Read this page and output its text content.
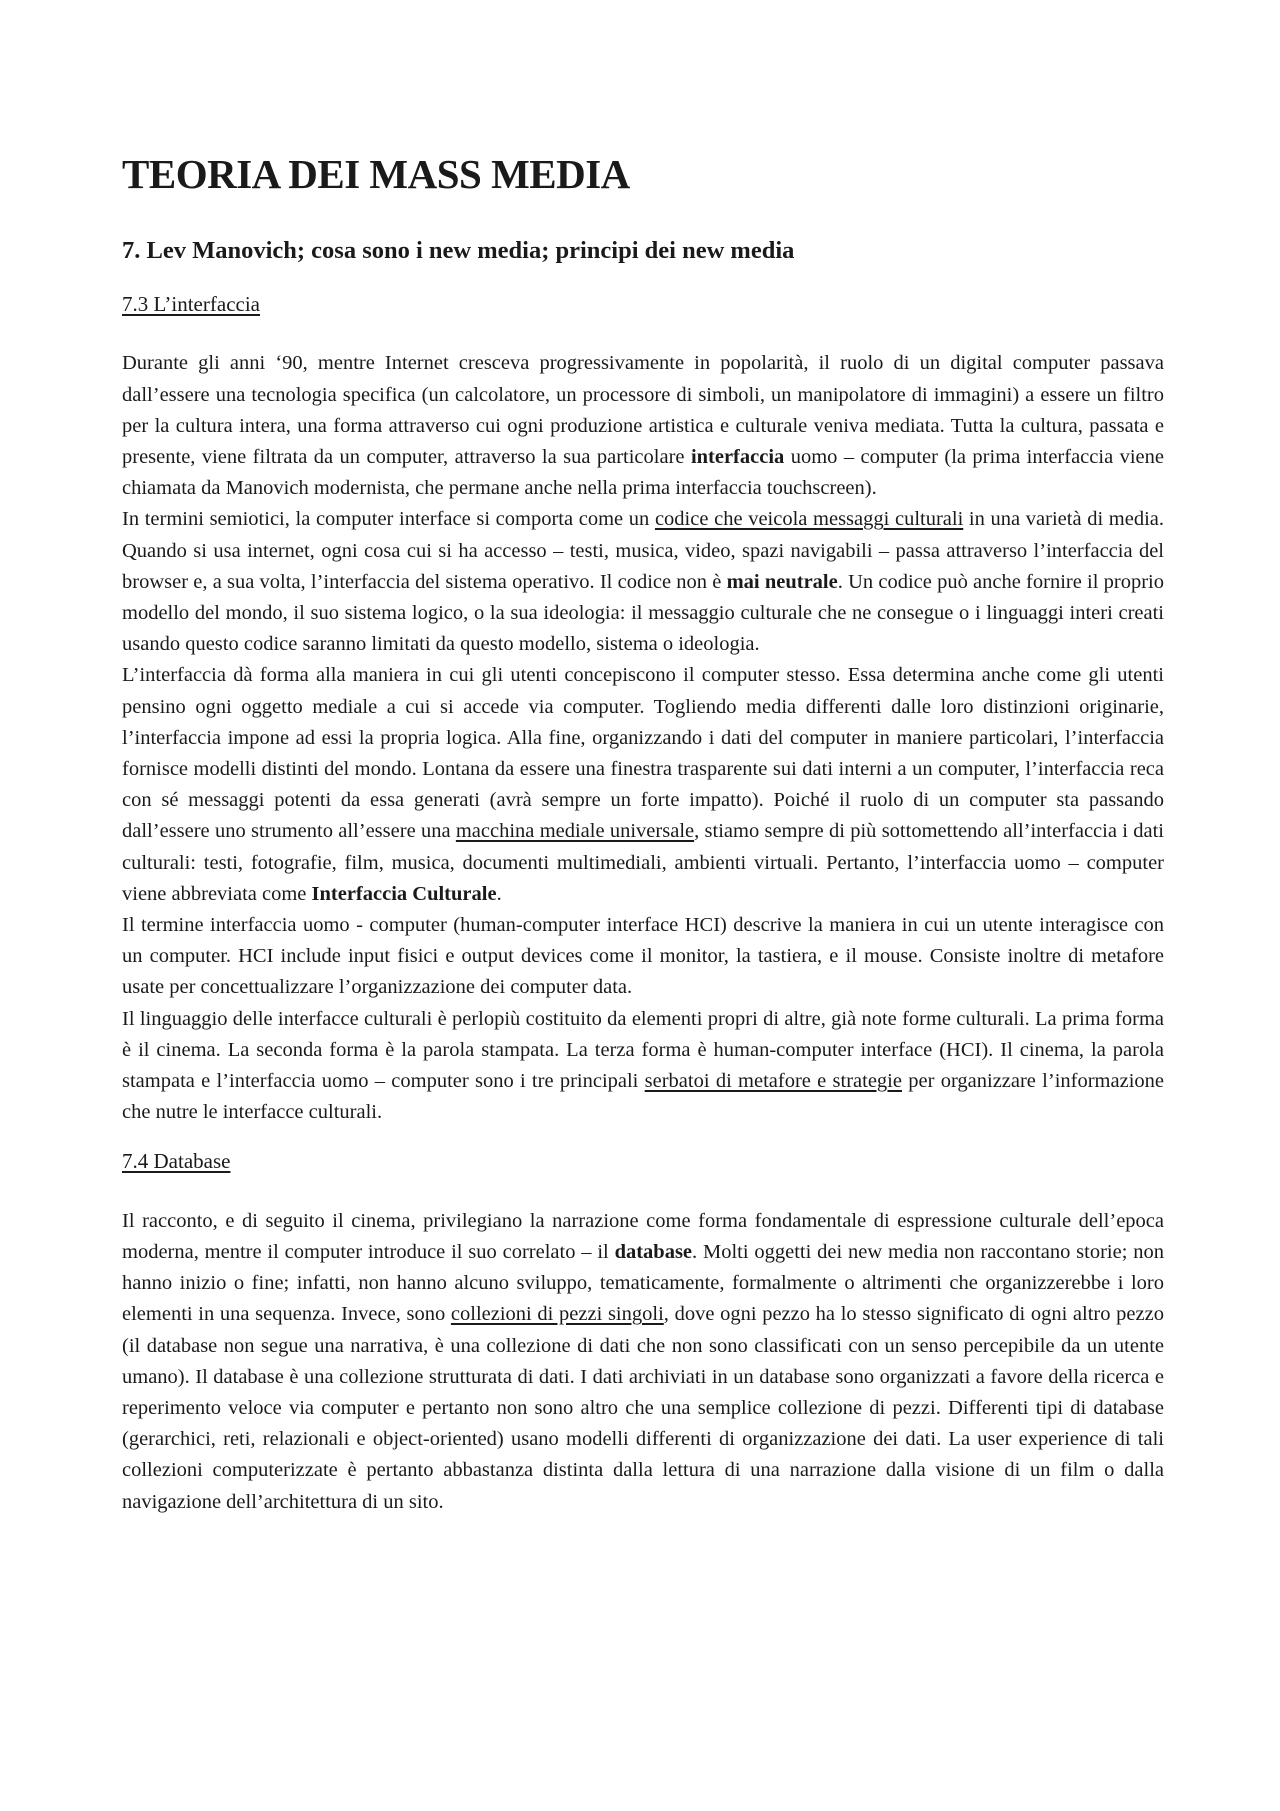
TEORIA DEI MASS MEDIA
7. Lev Manovich; cosa sono i new media; principi dei new media
7.3 L’interfaccia

Durante gli anni ‘90, mentre Internet cresceva progressivamente in popolarità, il ruolo di un digital computer passava dall’essere una tecnologia specifica (un calcolatore, un processore di simboli, un manipolatore di immagini) a essere un filtro per la cultura intera, una forma attraverso cui ogni produzione artistica e culturale veniva mediata. Tutta la cultura, passata e presente, viene filtrata da un computer, attraverso la sua particolare interfaccia uomo – computer (la prima interfaccia viene chiamata da Manovich modernista, che permane anche nella prima interfaccia touchscreen).

In termini semiotici, la computer interface si comporta come un codice che veicola messaggi culturali in una varietà di media. Quando si usa internet, ogni cosa cui si ha accesso – testi, musica, video, spazi navigabili – passa attraverso l’interfaccia del browser e, a sua volta, l’interfaccia del sistema operativo. Il codice non è mai neutrale. Un codice può anche fornire il proprio modello del mondo, il suo sistema logico, o la sua ideologia: il messaggio culturale che ne consegue o i linguaggi interi creati usando questo codice saranno limitati da questo modello, sistema o ideologia.

L’interfaccia dà forma alla maniera in cui gli utenti concepiscono il computer stesso. Essa determina anche come gli utenti pensino ogni oggetto mediale a cui si accede via computer. Togliendo media differenti dalle loro distinzioni originarie, l’interfaccia impone ad essi la propria logica. Alla fine, organizzando i dati del computer in maniere particolari, l’interfaccia fornisce modelli distinti del mondo. Lontana da essere una finestra trasparente sui dati interni a un computer, l’interfaccia reca con sé messaggi potenti da essa generati (avrà sempre un forte impatto). Poiché il ruolo di un computer sta passando dall’essere uno strumento all’essere una macchina mediale universale, stiamo sempre di più sottomettendo all’interfaccia i dati culturali: testi, fotografie, film, musica, documenti multimediali, ambienti virtuali. Pertanto, l’interfaccia uomo – computer viene abbreviata come Interfaccia Culturale.

Il termine interfaccia uomo - computer (human-computer interface HCI) descrive la maniera in cui un utente interagisce con un computer. HCI include input fisici e output devices come il monitor, la tastiera, e il mouse. Consiste inoltre di metafore usate per concettualizzare l’organizzazione dei computer data.

Il linguaggio delle interfacce culturali è perlopiù costituito da elementi propri di altre, già note forme culturali. La prima forma è il cinema. La seconda forma è la parola stampata. La terza forma è human-computer interface (HCI). Il cinema, la parola stampata e l’interfaccia uomo – computer sono i tre principali serbatoi di metafore e strategie per organizzare l’informazione che nutre le interfacce culturali.

7.4 Database

Il racconto, e di seguito il cinema, privilegiano la narrazione come forma fondamentale di espressione culturale dell’epoca moderna, mentre il computer introduce il suo correlato – il database. Molti oggetti dei new media non raccontano storie; non hanno inizio o fine; infatti, non hanno alcuno sviluppo, tematicamente, formalmente o altrimenti che organizzerebbe i loro elementi in una sequenza. Invece, sono collezioni di pezzi singoli, dove ogni pezzo ha lo stesso significato di ogni altro pezzo (il database non segue una narrativa, è una collezione di dati che non sono classificati con un senso percepibile da un utente umano). Il database è una collezione strutturata di dati. I dati archiviati in un database sono organizzati a favore della ricerca e reperimento veloce via computer e pertanto non sono altro che una semplice collezione di pezzi. Differenti tipi di database (gerarchici, reti, relazionali e object-oriented) usano modelli differenti di organizzazione dei dati. La user experience di tali collezioni computerizzate è pertanto abbastanza distinta dalla lettura di una narrazione dalla visione di un film o dalla navigazione dell’architettura di un sito.
